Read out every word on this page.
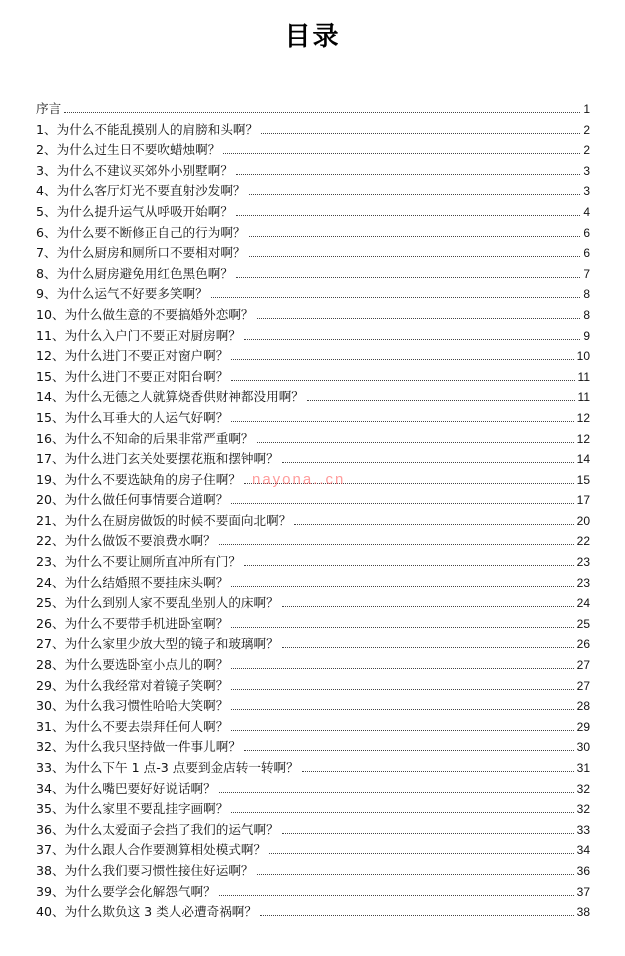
目录
序言	1
1、为什么不能乱摸别人的肩膀和头啊？	2
2、为什么过生日不要吹蜡烛啊？	2
3、为什么不建议买郊外小别墅啊？	3
4、为什么客厅灯光不要直射沙发啊？	3
5、为什么提升运气从呼吸开始啊？	4
6、为什么要不断修正自己的行为啊？	6
7、为什么厨房和厕所口不要相对啊？	6
8、为什么厨房避免用红色黑色啊？	7
9、为什么运气不好要多笑啊？	8
10、为什么做生意的不要搞婚外恋啊？	8
11、为什么入户门不要正对厨房啊？	9
12、为什么进门不要正对窗户啊？	10
15、为什么进门不要正对阳台啊？	11
14、为什么无德之人就算烧香供财神都没用啊？	11
15、为什么耳垂大的人运气好啊？	12
16、为什么不知命的后果非常严重啊？	12
17、为什么进门玄关处要摆花瓶和摆钟啊？	14
19、为什么不要选缺角的房子住啊？	15
20、为什么做任何事情要合道啊？	17
21、为什么在厨房做饭的时候不要面向北啊？	20
22、为什么做饭不要浪费水啊？	22
23、为什么不要让厕所直冲所有门？	23
24、为什么结婚照不要挂床头啊？	23
25、为什么到别人家不要乱坐别人的床啊？	24
26、为什么不要带手机进卧室啊？	25
27、为什么家里少放大型的镜子和玻璃啊？	26
28、为什么要选卧室小点儿的啊？	27
29、为什么我经常对着镜子笑啊？	27
30、为什么我习惯性哈哈大笑啊？	28
31、为什么不要去崇拜任何人啊？	29
32、为什么我只坚持做一件事儿啊？	30
33、为什么下午 1 点-3 点要到金店转一转啊？	31
34、为什么嘴巴要好好说话啊？	32
35、为什么家里不要乱挂字画啊？	32
36、为什么太爱面子会挡了我们的运气啊？	33
37、为什么跟人合作要测算相处模式啊？	34
38、为什么我们要习惯性接住好运啊？	36
39、为什么要学会化解怨气啊？	37
40、为什么欺负这 3 类人必遭奇祸啊？	38
nayona..cn
